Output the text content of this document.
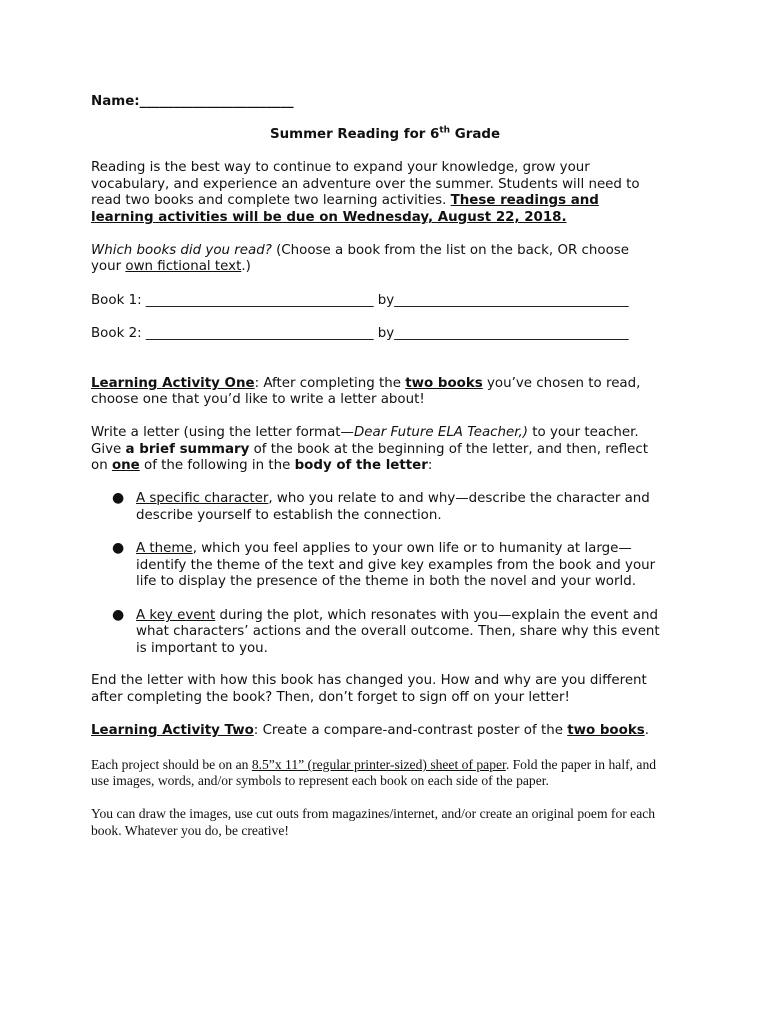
Name:_______________________
Summer Reading for 6th Grade
Reading is the best way to continue to expand your knowledge, grow your
vocabulary, and experience an adventure over the summer. Students will need to
read two books and complete two learning activities. These readings and
learning activities will be due on Wednesday, August 22, 2018.
Which books did you read? (Choose a book from the list on the back, OR choose
your own fictional text.)
Book 1: __________________________________ by___________________________________
Book 2: __________________________________ by___________________________________
Learning Activity One: After completing the two books you’ve chosen to read,
choose one that you’d like to write a letter about!
Write a letter (using the letter format—Dear Future ELA Teacher,) to your teacher.
Give a brief summary of the book at the beginning of the letter, and then, reflect
on one of the following in the body of the letter:
● A specific character, who you relate to and why—describe the character and
describe yourself to establish the connection.
● A theme, which you feel applies to your own life or to humanity at large—
identify the theme of the text and give key examples from the book and your
life to display the presence of the theme in both the novel and your world.
● A key event during the plot, which resonates with you—explain the event and
what characters’ actions and the overall outcome. Then, share why this event
is important to you.
End the letter with how this book has changed you. How and why are you different
after completing the book? Then, don’t forget to sign off on your letter!
Learning Activity Two: Create a compare-and-contrast poster of the two books.
Each project should be on an 8.5”x 11” (regular printer-sized) sheet of paper. Fold the paper in half, and
use images, words, and/or symbols to represent each book on each side of the paper.
You can draw the images, use cut outs from magazines/internet, and/or create an original poem for each
book. Whatever you do, be creative!
